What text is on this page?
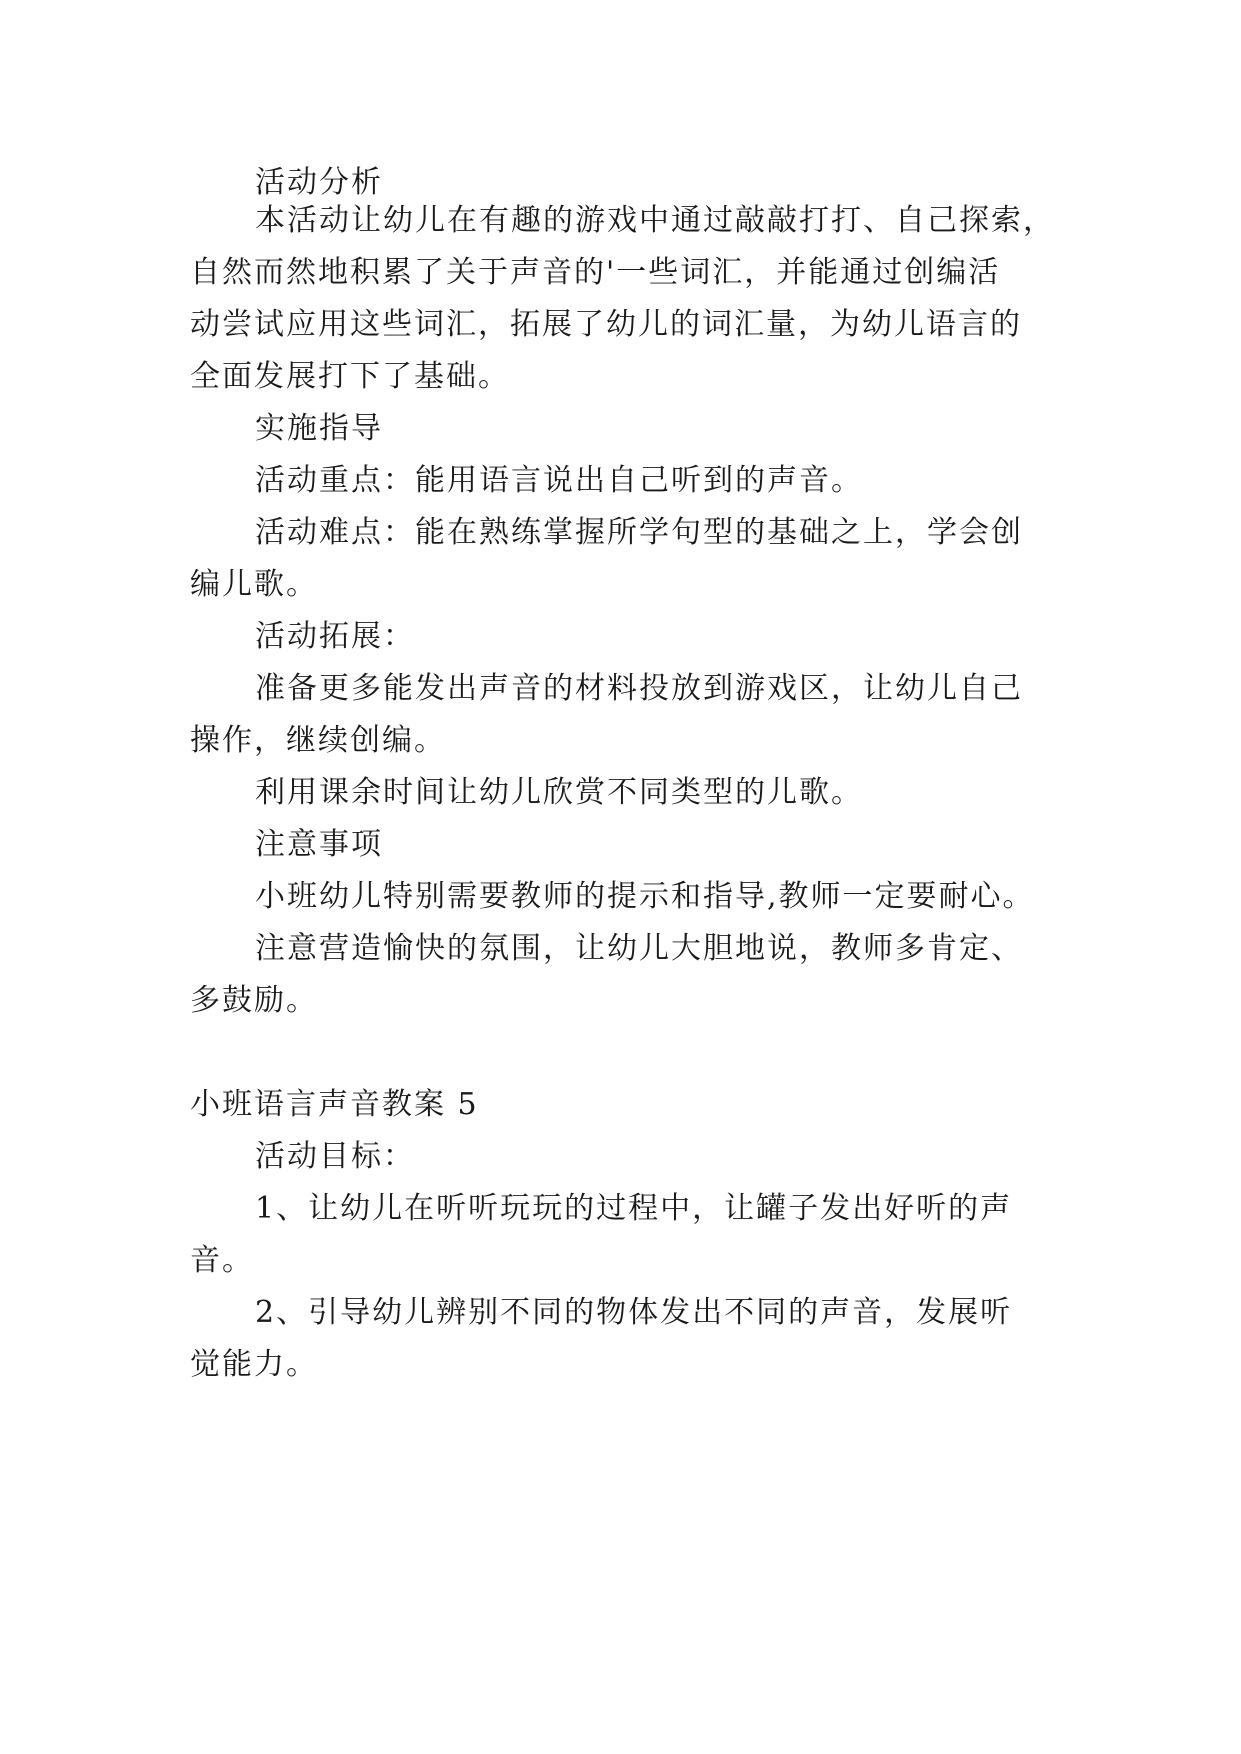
活动分析
本活动让幼儿在有趣的游戏中通过敲敲打打、自己探索，
自然而然地积累了关于声音的'一些词汇，并能通过创编活
动尝试应用这些词汇，拓展了幼儿的词汇量，为幼儿语言的
全面发展打下了基础。
实施指导
活动重点：能用语言说出自己听到的声音。
活动难点：能在熟练掌握所学句型的基础之上，学会创
编儿歌。
活动拓展：
准备更多能发出声音的材料投放到游戏区，让幼儿自己
操作，继续创编。
利用课余时间让幼儿欣赏不同类型的儿歌。
注意事项
小班幼儿特别需要教师的提示和指导,教师一定要耐心。
注意营造愉快的氛围，让幼儿大胆地说，教师多肯定、
多鼓励。
小班语言声音教案 5
活动目标：
1、让幼儿在听听玩玩的过程中，让罐子发出好听的声
音。
2、引导幼儿辨别不同的物体发出不同的声音，发展听
觉能力。
